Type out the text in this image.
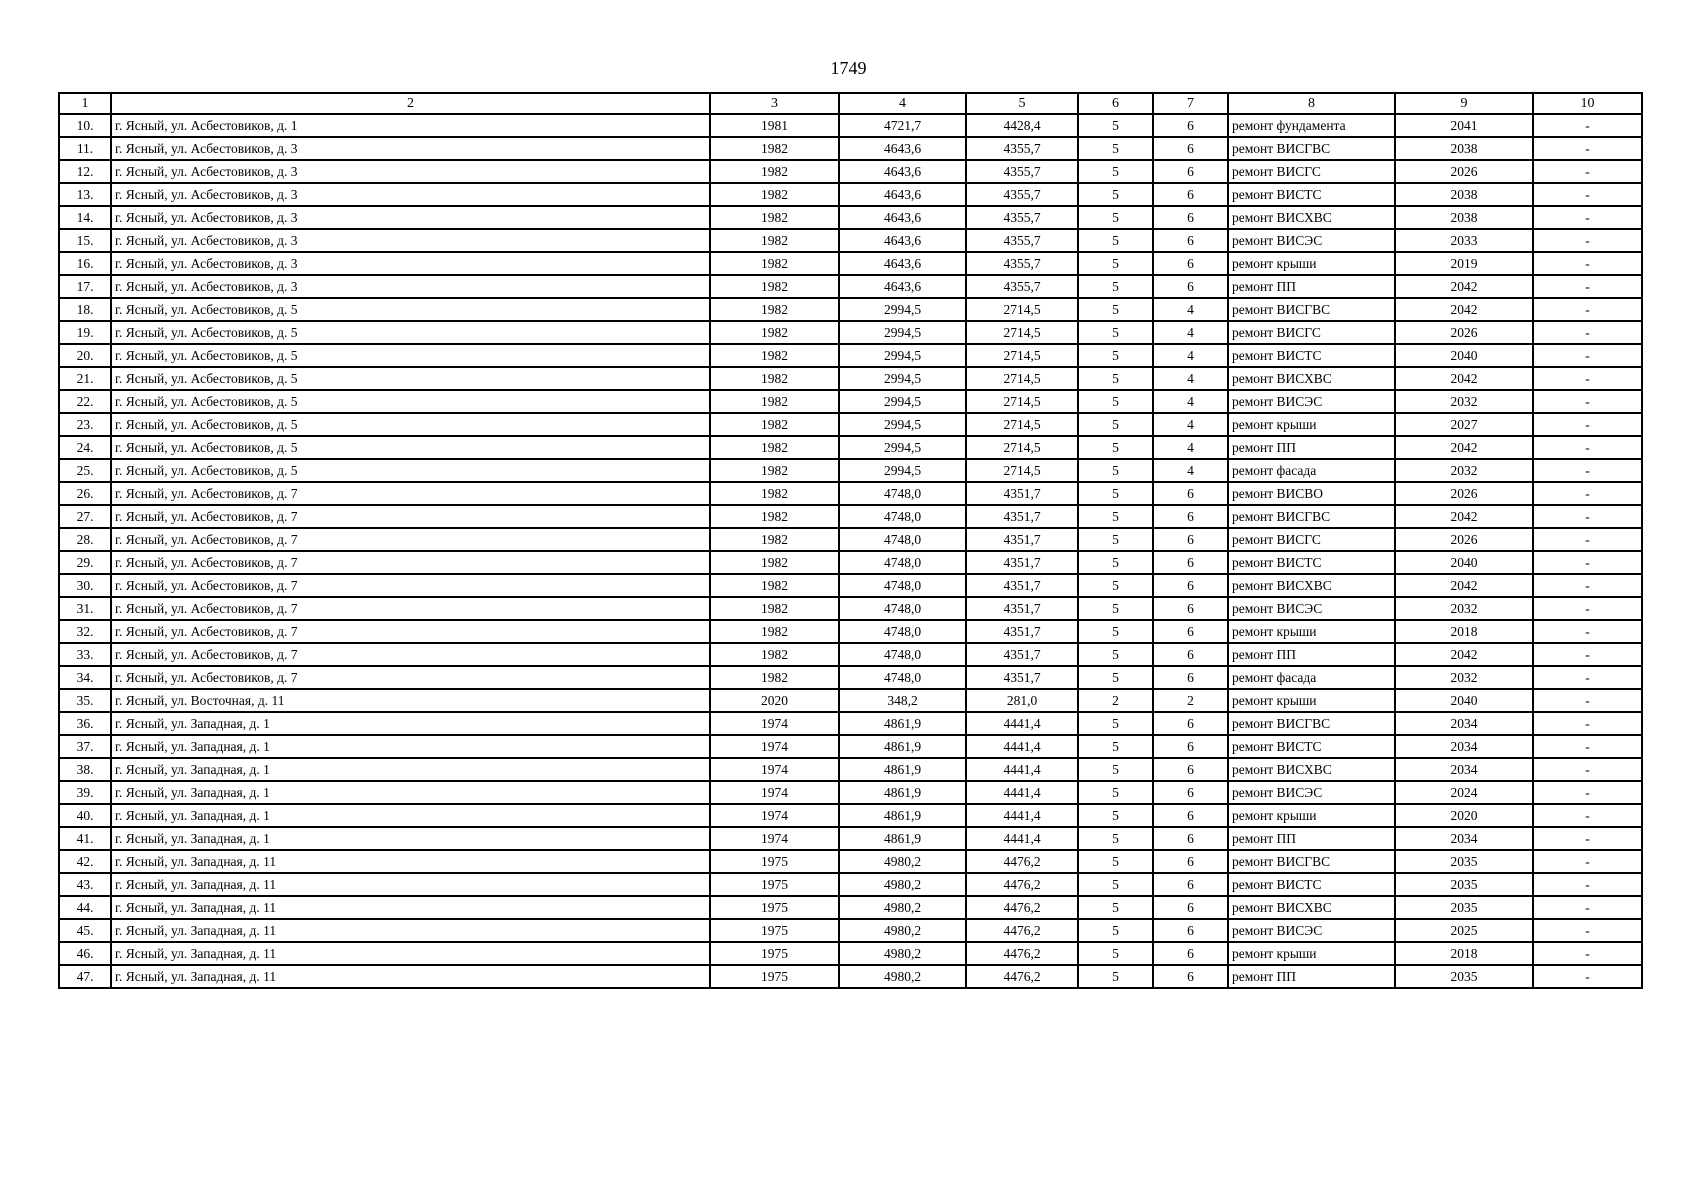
1749
1	2	3	4	5	6	7	8	9	10
10.	г. Ясный, ул. Асбестовиков, д. 1	1981	4721,7	4428,4	5	6	ремонт фундамента	2041	-
11.	г. Ясный, ул. Асбестовиков, д. 3	1982	4643,6	4355,7	5	6	ремонт ВИСГВС	2038	-
12.	г. Ясный, ул. Асбестовиков, д. 3	1982	4643,6	4355,7	5	6	ремонт ВИСГС	2026	-
13.	г. Ясный, ул. Асбестовиков, д. 3	1982	4643,6	4355,7	5	6	ремонт ВИСТС	2038	-
14.	г. Ясный, ул. Асбестовиков, д. 3	1982	4643,6	4355,7	5	6	ремонт ВИСХВС	2038	-
15.	г. Ясный, ул. Асбестовиков, д. 3	1982	4643,6	4355,7	5	6	ремонт ВИСЭС	2033	-
16.	г. Ясный, ул. Асбестовиков, д. 3	1982	4643,6	4355,7	5	6	ремонт крыши	2019	-
17.	г. Ясный, ул. Асбестовиков, д. 3	1982	4643,6	4355,7	5	6	ремонт ПП	2042	-
18.	г. Ясный, ул. Асбестовиков, д. 5	1982	2994,5	2714,5	5	4	ремонт ВИСГВС	2042	-
19.	г. Ясный, ул. Асбестовиков, д. 5	1982	2994,5	2714,5	5	4	ремонт ВИСГС	2026	-
20.	г. Ясный, ул. Асбестовиков, д. 5	1982	2994,5	2714,5	5	4	ремонт ВИСТС	2040	-
21.	г. Ясный, ул. Асбестовиков, д. 5	1982	2994,5	2714,5	5	4	ремонт ВИСХВС	2042	-
22.	г. Ясный, ул. Асбестовиков, д. 5	1982	2994,5	2714,5	5	4	ремонт ВИСЭС	2032	-
23.	г. Ясный, ул. Асбестовиков, д. 5	1982	2994,5	2714,5	5	4	ремонт крыши	2027	-
24.	г. Ясный, ул. Асбестовиков, д. 5	1982	2994,5	2714,5	5	4	ремонт ПП	2042	-
25.	г. Ясный, ул. Асбестовиков, д. 5	1982	2994,5	2714,5	5	4	ремонт фасада	2032	-
26.	г. Ясный, ул. Асбестовиков, д. 7	1982	4748,0	4351,7	5	6	ремонт ВИСВО	2026	-
27.	г. Ясный, ул. Асбестовиков, д. 7	1982	4748,0	4351,7	5	6	ремонт ВИСГВС	2042	-
28.	г. Ясный, ул. Асбестовиков, д. 7	1982	4748,0	4351,7	5	6	ремонт ВИСГС	2026	-
29.	г. Ясный, ул. Асбестовиков, д. 7	1982	4748,0	4351,7	5	6	ремонт ВИСТС	2040	-
30.	г. Ясный, ул. Асбестовиков, д. 7	1982	4748,0	4351,7	5	6	ремонт ВИСХВС	2042	-
31.	г. Ясный, ул. Асбестовиков, д. 7	1982	4748,0	4351,7	5	6	ремонт ВИСЭС	2032	-
32.	г. Ясный, ул. Асбестовиков, д. 7	1982	4748,0	4351,7	5	6	ремонт крыши	2018	-
33.	г. Ясный, ул. Асбестовиков, д. 7	1982	4748,0	4351,7	5	6	ремонт ПП	2042	-
34.	г. Ясный, ул. Асбестовиков, д. 7	1982	4748,0	4351,7	5	6	ремонт фасада	2032	-
35.	г. Ясный, ул. Восточная, д. 11	2020	348,2	281,0	2	2	ремонт крыши	2040	-
36.	г. Ясный, ул. Западная, д. 1	1974	4861,9	4441,4	5	6	ремонт ВИСГВС	2034	-
37.	г. Ясный, ул. Западная, д. 1	1974	4861,9	4441,4	5	6	ремонт ВИСТС	2034	-
38.	г. Ясный, ул. Западная, д. 1	1974	4861,9	4441,4	5	6	ремонт ВИСХВС	2034	-
39.	г. Ясный, ул. Западная, д. 1	1974	4861,9	4441,4	5	6	ремонт ВИСЭС	2024	-
40.	г. Ясный, ул. Западная, д. 1	1974	4861,9	4441,4	5	6	ремонт крыши	2020	-
41.	г. Ясный, ул. Западная, д. 1	1974	4861,9	4441,4	5	6	ремонт ПП	2034	-
42.	г. Ясный, ул. Западная, д. 11	1975	4980,2	4476,2	5	6	ремонт ВИСГВС	2035	-
43.	г. Ясный, ул. Западная, д. 11	1975	4980,2	4476,2	5	6	ремонт ВИСТС	2035	-
44.	г. Ясный, ул. Западная, д. 11	1975	4980,2	4476,2	5	6	ремонт ВИСХВС	2035	-
45.	г. Ясный, ул. Западная, д. 11	1975	4980,2	4476,2	5	6	ремонт ВИСЭС	2025	-
46.	г. Ясный, ул. Западная, д. 11	1975	4980,2	4476,2	5	6	ремонт крыши	2018	-
47.	г. Ясный, ул. Западная, д. 11	1975	4980,2	4476,2	5	6	ремонт ПП	2035	-
